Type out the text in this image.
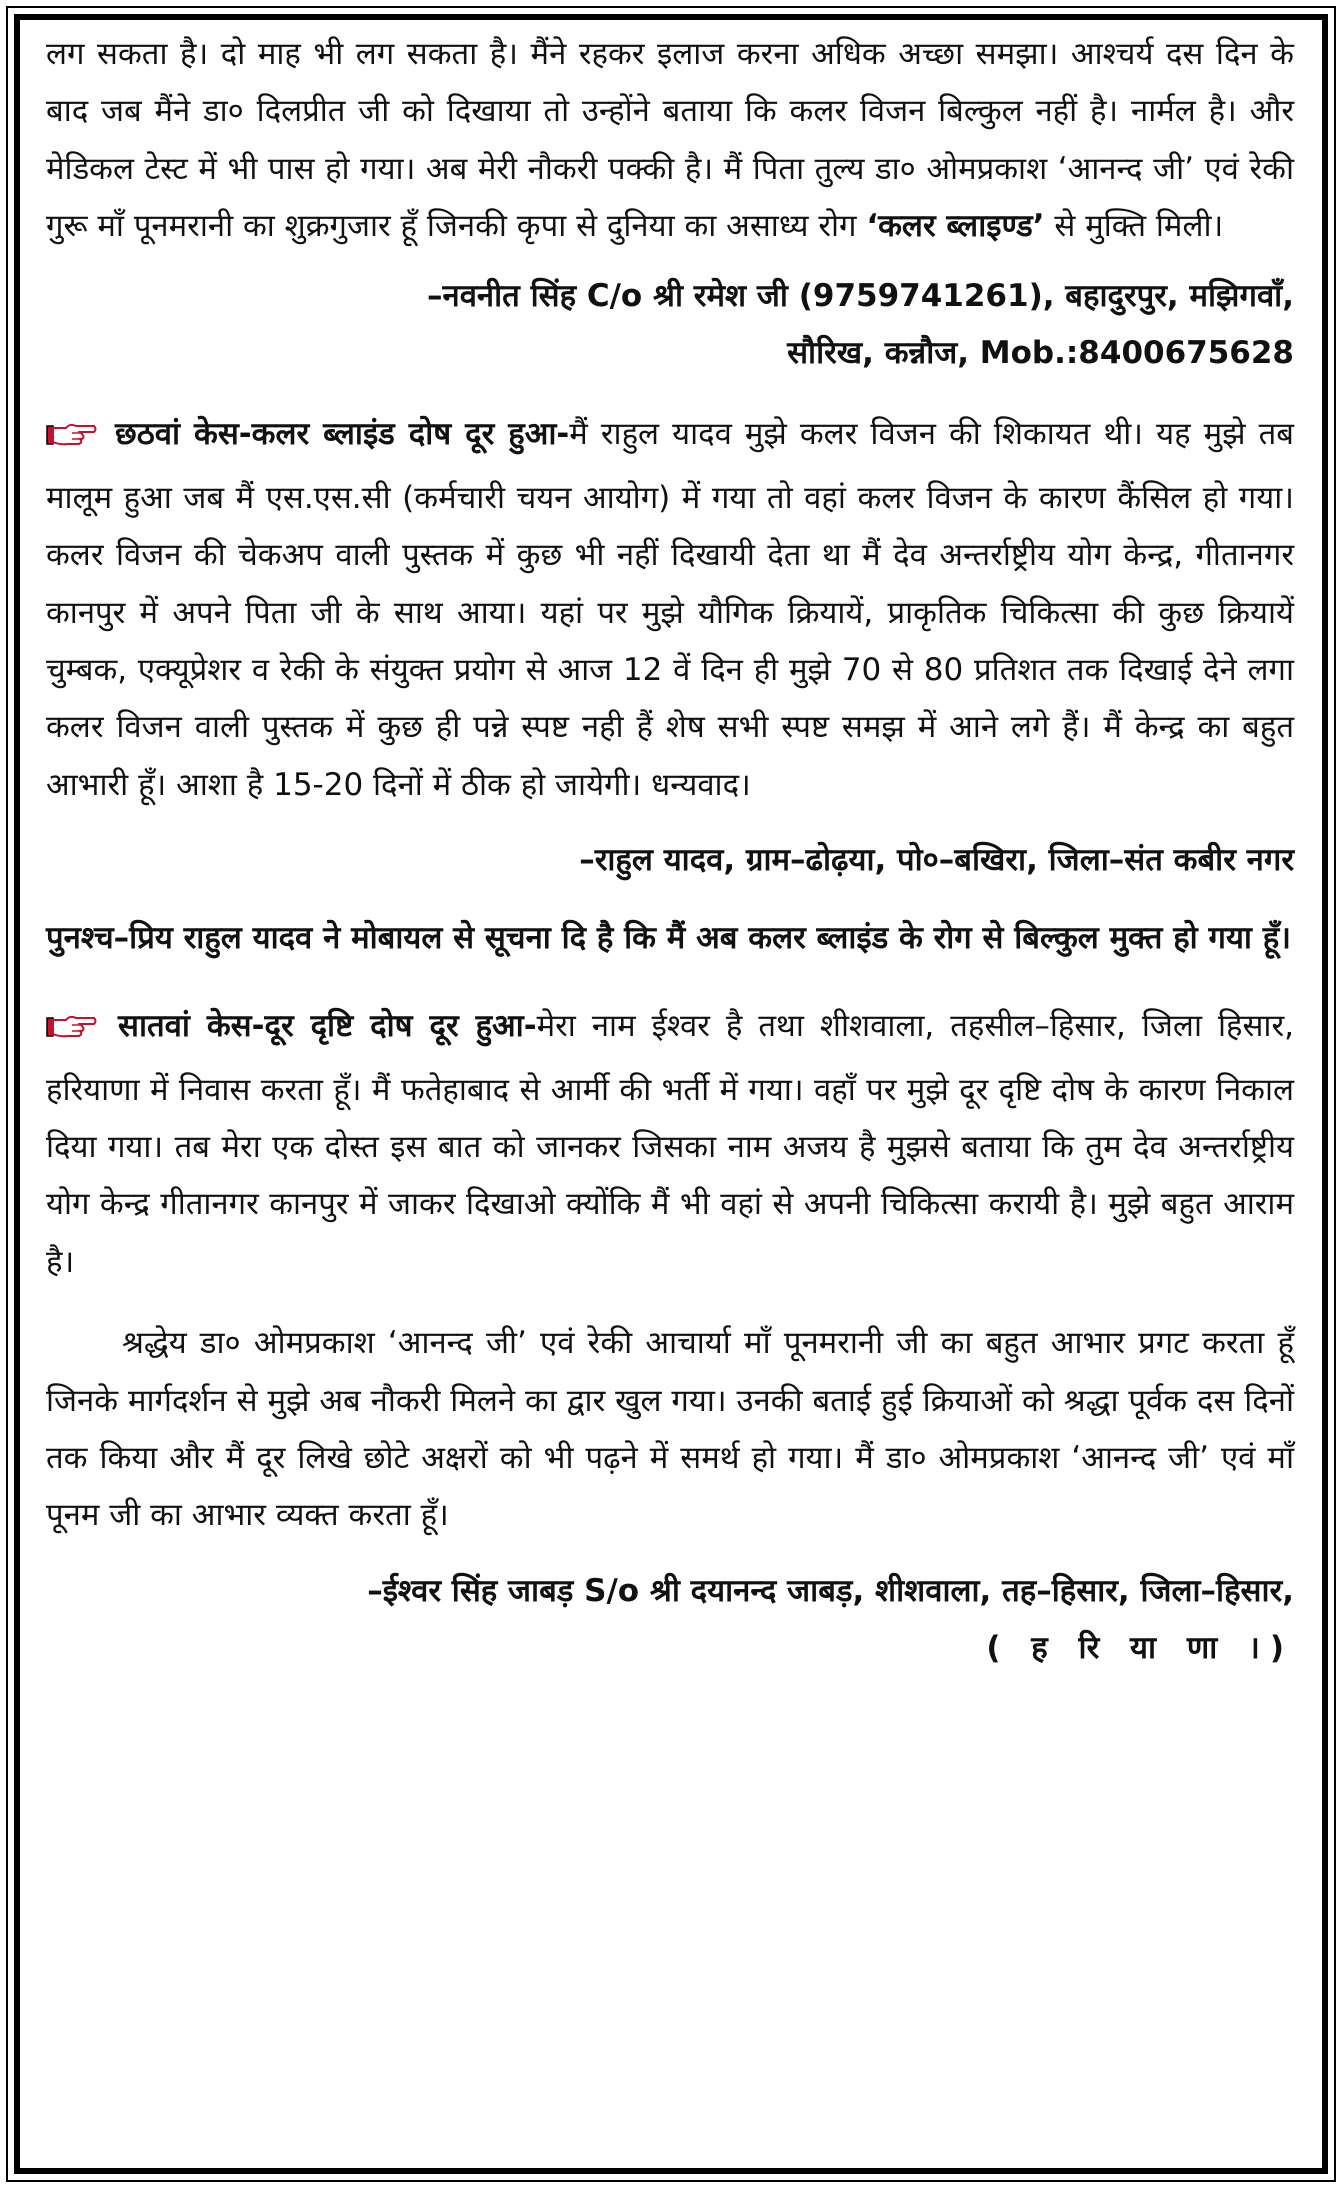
लग सकता है। दो माह भी लग सकता है। मैंने रहकर इलाज करना अधिक अच्छा समझा। आश्चर्य दस दिन के बाद जब मैंने डा० दिलप्रीत जी को दिखाया तो उन्होंने बताया कि कलर विजन बिल्कुल नहीं है। नार्मल है। और मेडिकल टेस्ट में भी पास हो गया। अब मेरी नौकरी पक्की है। मैं पिता तुल्य डा० ओमप्रकाश ‘आनन्द जी’ एवं रेकी गुरू माँ पूनमरानी का शुक्रगुजार हूँ जिनकी कृपा से दुनिया का असाध्य रोग ‘कलर ब्लाइण्ड’ से मुक्ति मिली।

–नवनीत सिंह C/o श्री रमेश जी (9759741261), बहादुरपुर, मझिगवाँ,

सौरिख, कन्नौज, Mob.:8400675628

छठवां केस-कलर ब्लाइंड दोष दूर हुआ-मैं राहुल यादव मुझे कलर विजन की शिकायत थी। यह मुझे तब मालूम हुआ जब मैं एस.एस.सी (कर्मचारी चयन आयोग) में गया तो वहां कलर विजन के कारण कैंसिल हो गया। कलर विजन की चेकअप वाली पुस्तक में कुछ भी नहीं दिखायी देता था मैं देव अन्तर्राष्ट्रीय योग केन्द्र, गीतानगर कानपुर में अपने पिता जी के साथ आया। यहां पर मुझे यौगिक क्रियायें, प्राकृतिक चिकित्सा की कुछ क्रियायें चुम्बक, एक्यूप्रेशर व रेकी के संयुक्त प्रयोग से आज 12 वें दिन ही मुझे 70 से 80 प्रतिशत तक दिखाई देने लगा कलर विजन वाली पुस्तक में कुछ ही पन्ने स्पष्ट नही हैं शेष सभी स्पष्ट समझ में आने लगे हैं। मैं केन्द्र का बहुत आभारी हूँ। आशा है 15-20 दिनों में ठीक हो जायेगी। धन्यवाद।

–राहुल यादव, ग्राम–ढोढ़या, पो०–बखिरा, जिला–संत कबीर नगर

पुनश्च–प्रिय राहुल यादव ने मोबायल से सूचना दि है कि मैं अब कलर ब्लाइंड के रोग से बिल्कुल मुक्त हो गया हूँ।

सातवां केस-दूर दृष्टि दोष दूर हुआ-मेरा नाम ईश्वर है तथा शीशवाला, तहसील–हिसार, जिला हिसार, हरियाणा में निवास करता हूँ। मैं फतेहाबाद से आर्मी की भर्ती में गया। वहाँ पर मुझे दूर दृष्टि दोष के कारण निकाल दिया गया। तब मेरा एक दोस्त इस बात को जानकर जिसका नाम अजय है मुझसे बताया कि तुम देव अन्तर्राष्ट्रीय योग केन्द्र गीतानगर कानपुर में जाकर दिखाओ क्योंकि मैं भी वहां से अपनी चिकित्सा करायी है। मुझे बहुत आराम है।

श्रद्धेय डा० ओमप्रकाश ‘आनन्द जी’ एवं रेकी आचार्या माँ पूनमरानी जी का बहुत आभार प्रगट करता हूँ जिनके मार्गदर्शन से मुझे अब नौकरी मिलने का द्वार खुल गया। उनकी बताई हुई क्रियाओं को श्रद्धा पूर्वक दस दिनों तक किया और मैं दूर लिखे छोटे अक्षरों को भी पढ़ने में समर्थ हो गया। मैं डा० ओमप्रकाश ‘आनन्द जी’ एवं माँ पूनम जी का आभार व्यक्त करता हूँ।

–ईश्वर सिंह जाबड़ S/o श्री दयानन्द जाबड़, शीशवाला, तह–हिसार, जिला–हिसार,

( ह रि या णा ।)
